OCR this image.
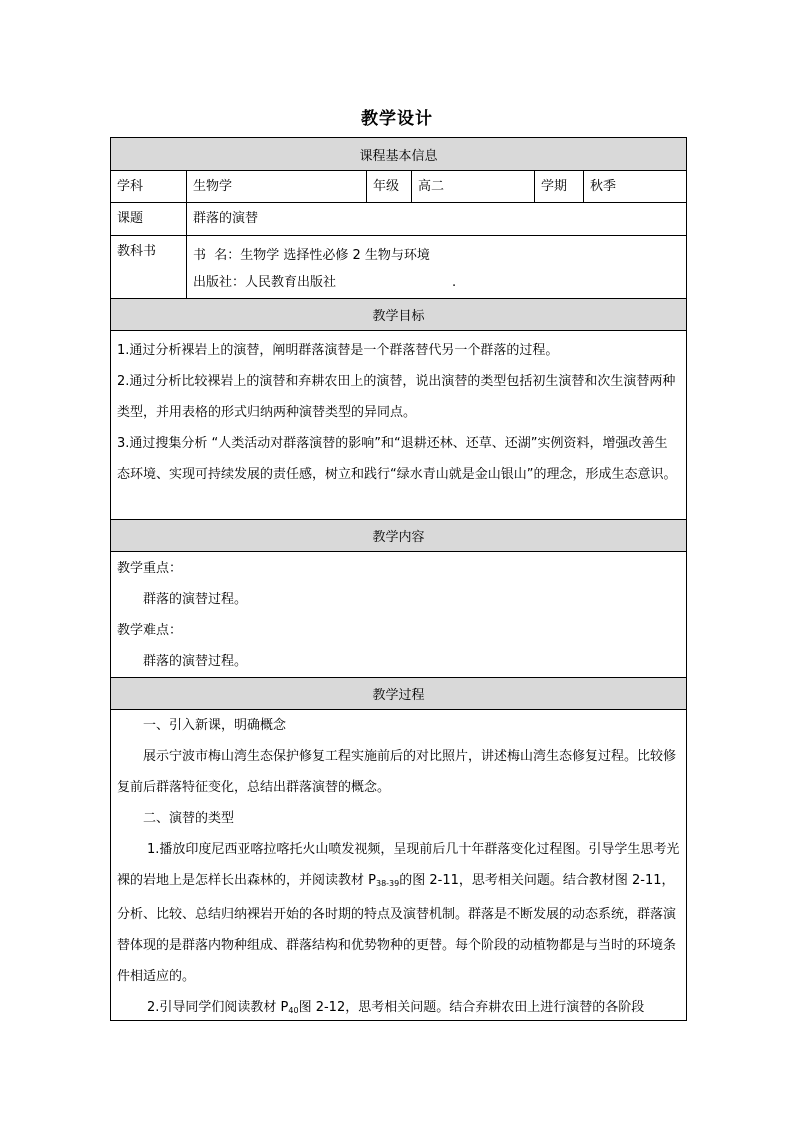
教学设计
课程基本信息
学科	生物学	年级	高二	学期	秋季
课题	群落的演替
教科书	书  名：生物学 选择性必修 2 生物与环境
出版社：人民教育出版社	.
教学目标

1.通过分析裸岩上的演替，阐明群落演替是一个群落替代另一个群落的过程。

2.通过分析比较裸岩上的演替和弃耕农田上的演替，说出演替的类型包括初生演替和次生演替两种类型，并用表格的形式归纳两种演替类型的异同点。

3.通过搜集分析 “人类活动对群落演替的影响”和“退耕还林、还草、还湖”实例资料，增强改善生态环境、实现可持续发展的责任感，树立和践行“绿水青山就是金山银山”的理念，形成生态意识。

教学内容

教学重点：

群落的演替过程。

教学难点：

群落的演替过程。

教学过程

一、引入新课，明确概念

展示宁波市梅山湾生态保护修复工程实施前后的对比照片，讲述梅山湾生态修复过程。比较修复前后群落特征变化，总结出群落演替的概念。

二、演替的类型

1.播放印度尼西亚喀拉喀托火山喷发视频，呈现前后几十年群落变化过程图。引导学生思考光裸的岩地上是怎样长出森林的，并阅读教材 $P_{38-39}$的图 2-11，思考相关问题。结合教材图 2-11，分析、比较、总结归纳裸岩开始的各时期的特点及演替机制。群落是不断发展的动态系统，群落演替体现的是群落内物种组成、群落结构和优势物种的更替。每个阶段的动植物都是与当时的环境条件相适应的。

2.引导同学们阅读教材 $P_{40}$图 2-12，思考相关问题。结合弃耕农田上进行演替的各阶段
